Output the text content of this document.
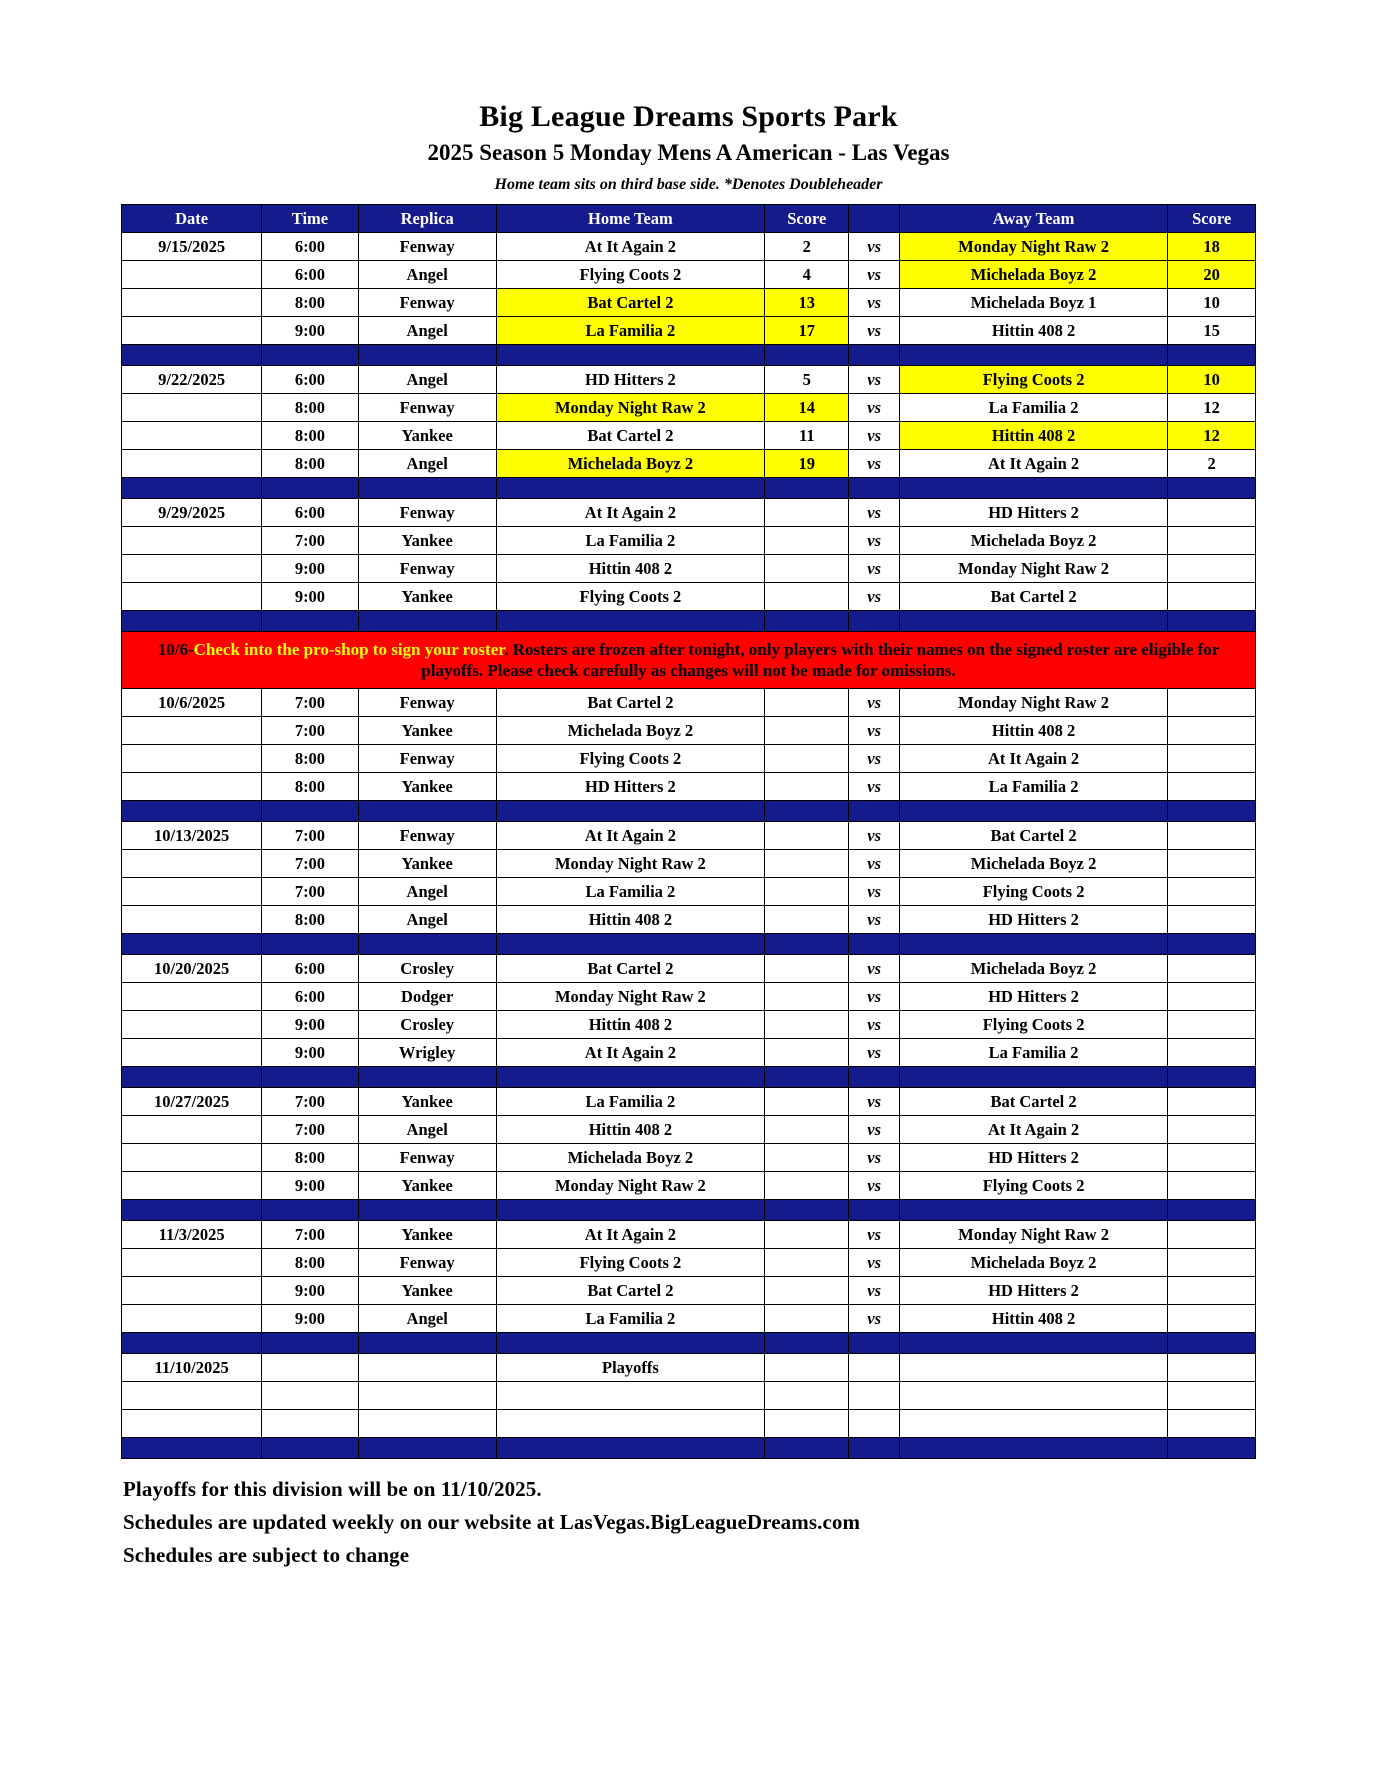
Big League Dreams Sports Park
2025 Season 5 Monday Mens A American - Las Vegas
Home team sits on third base side. *Denotes Doubleheader
Date	Time	Replica	Home Team	Score		Away Team	Score
9/15/2025	6:00	Fenway	At It Again 2	2	vs	Monday Night Raw 2	18
	6:00	Angel	Flying Coots 2	4	vs	Michelada Boyz 2	20
	8:00	Fenway	Bat Cartel 2	13	vs	Michelada Boyz 1	10
	9:00	Angel	La Familia 2	17	vs	Hittin 408 2	15

9/22/2025	6:00	Angel	HD Hitters 2	5	vs	Flying Coots 2	10
	8:00	Fenway	Monday Night Raw 2	14	vs	La Familia 2	12
	8:00	Yankee	Bat Cartel 2	11	vs	Hittin 408 2	12
	8:00	Angel	Michelada Boyz 2	19	vs	At It Again 2	2

9/29/2025	6:00	Fenway	At It Again 2		vs	HD Hitters 2	
	7:00	Yankee	La Familia 2		vs	Michelada Boyz 2	
	9:00	Fenway	Hittin 408 2		vs	Monday Night Raw 2	
	9:00	Yankee	Flying Coots 2		vs	Bat Cartel 2	

10/6-Check into the pro-shop to sign your roster. Rosters are frozen after tonight, only players with their names on the signed roster are eligible for playoffs. Please check carefully as changes will not be made for omissions.							
10/6/2025	7:00	Fenway	Bat Cartel 2		vs	Monday Night Raw 2	
	7:00	Yankee	Michelada Boyz 2		vs	Hittin 408 2	
	8:00	Fenway	Flying Coots 2		vs	At It Again 2	
	8:00	Yankee	HD Hitters 2		vs	La Familia 2	

10/13/2025	7:00	Fenway	At It Again 2		vs	Bat Cartel 2	
	7:00	Yankee	Monday Night Raw 2		vs	Michelada Boyz 2	
	7:00	Angel	La Familia 2		vs	Flying Coots 2	
	8:00	Angel	Hittin 408 2		vs	HD Hitters 2	

10/20/2025	6:00	Crosley	Bat Cartel 2		vs	Michelada Boyz 2	
	6:00	Dodger	Monday Night Raw 2		vs	HD Hitters 2	
	9:00	Crosley	Hittin 408 2		vs	Flying Coots 2	
	9:00	Wrigley	At It Again 2		vs	La Familia 2	

10/27/2025	7:00	Yankee	La Familia 2		vs	Bat Cartel 2	
	7:00	Angel	Hittin 408 2		vs	At It Again 2	
	8:00	Fenway	Michelada Boyz 2		vs	HD Hitters 2	
	9:00	Yankee	Monday Night Raw 2		vs	Flying Coots 2	

11/3/2025	7:00	Yankee	At It Again 2		vs	Monday Night Raw 2	
	8:00	Fenway	Flying Coots 2		vs	Michelada Boyz 2	
	9:00	Yankee	Bat Cartel 2		vs	HD Hitters 2	
	9:00	Angel	La Familia 2		vs	Hittin 408 2	

11/10/2025			Playoffs				

Playoffs for this division will be on 11/10/2025.
Schedules are updated weekly on our website at LasVegas.BigLeagueDreams.com
Schedules are subject to change
